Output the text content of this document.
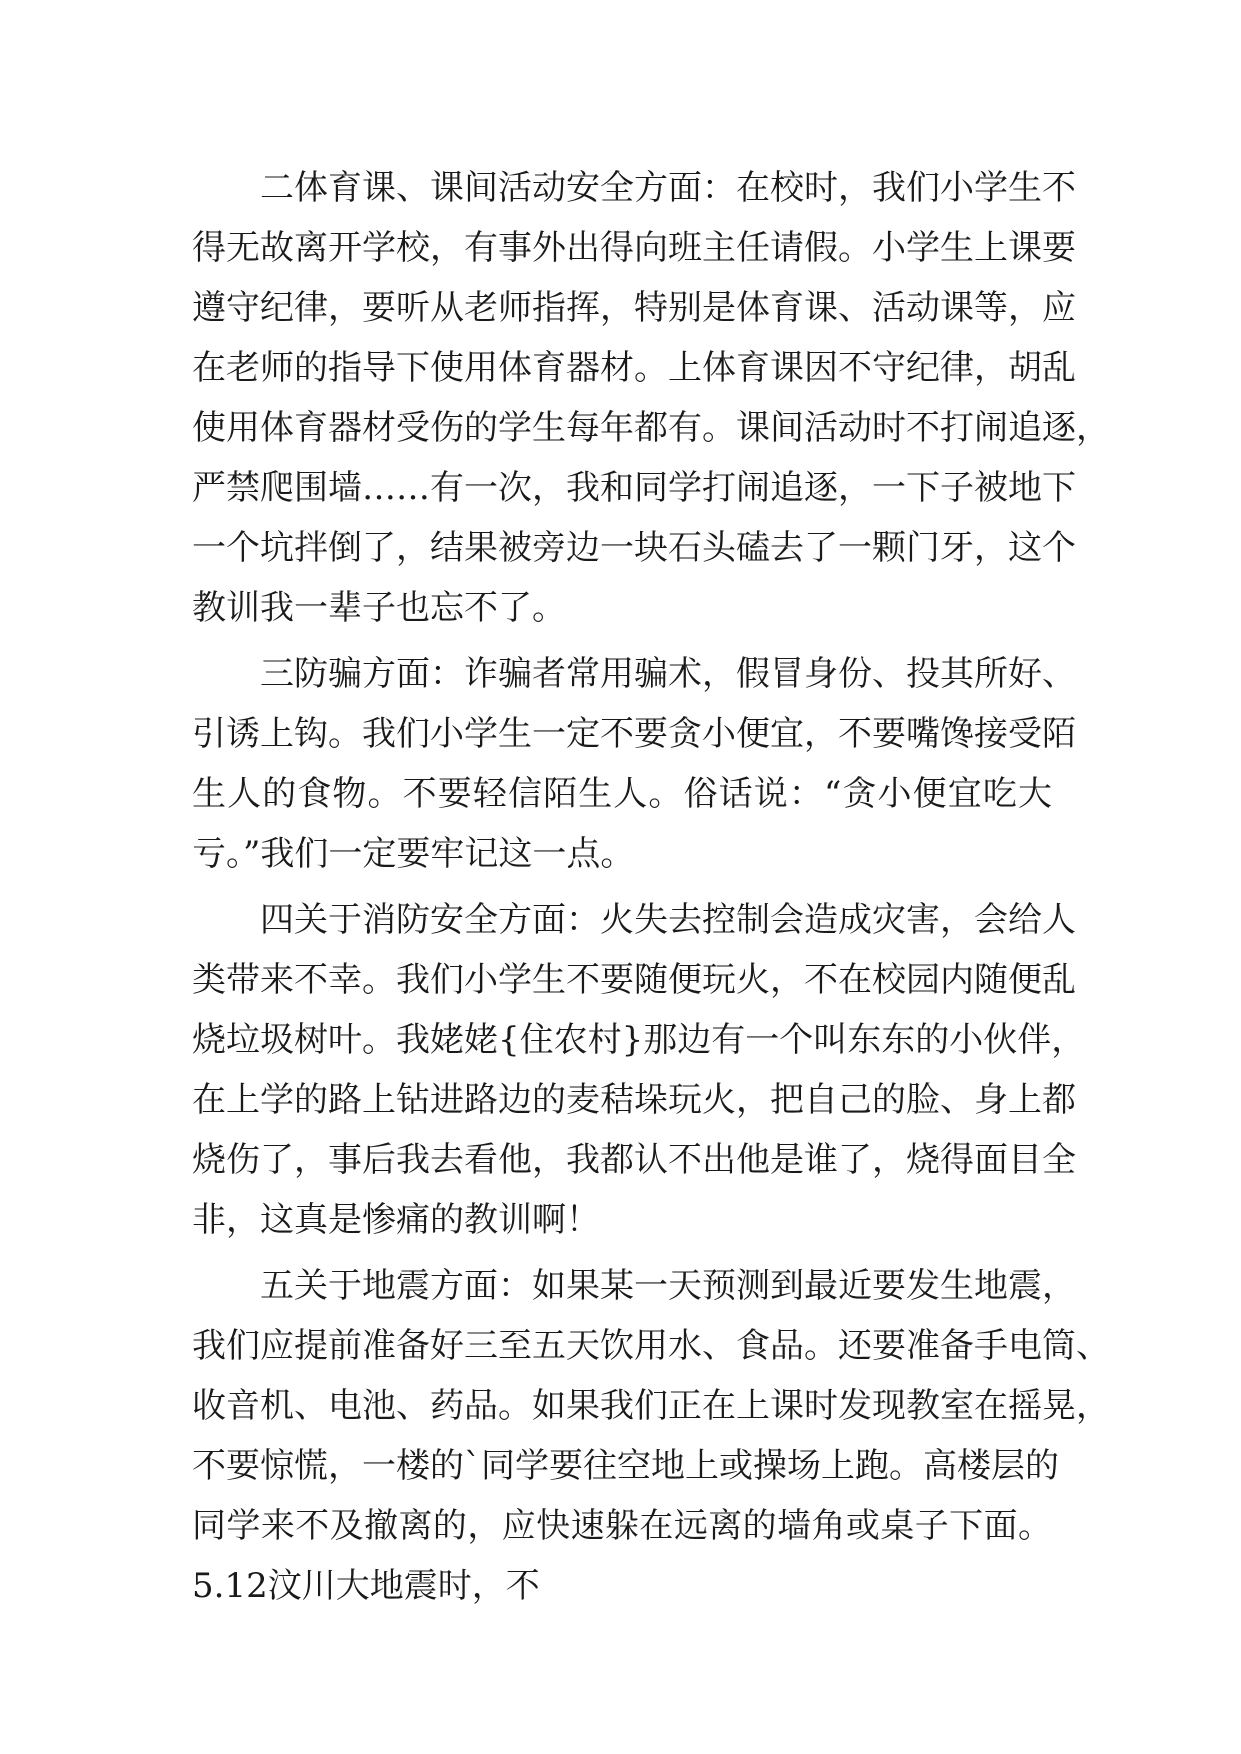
二体育课、课间活动安全方面：在校时，我们小学生不
得无故离开学校，有事外出得向班主任请假。小学生上课要
遵守纪律，要听从老师指挥，特别是体育课、活动课等，应
在老师的指导下使用体育器材。上体育课因不守纪律，胡乱
使用体育器材受伤的学生每年都有。课间活动时不打闹追逐，
严禁爬围墙……有一次，我和同学打闹追逐，一下子被地下
一个坑拌倒了，结果被旁边一块石头磕去了一颗门牙，这个
教训我一辈子也忘不了。
三防骗方面：诈骗者常用骗术，假冒身份、投其所好、
引诱上钩。我们小学生一定不要贪小便宜，不要嘴馋接受陌
生人的食物。不要轻信陌生人。俗话说：“贪小便宜吃大
亏。”我们一定要牢记这一点。
四关于消防安全方面：火失去控制会造成灾害，会给人
类带来不幸。我们小学生不要随便玩火，不在校园内随便乱
烧垃圾树叶。我姥姥{住农村}那边有一个叫东东的小伙伴，
在上学的路上钻进路边的麦秸垛玩火，把自己的脸、身上都
烧伤了，事后我去看他，我都认不出他是谁了，烧得面目全
非，这真是惨痛的教训啊！
五关于地震方面：如果某一天预测到最近要发生地震，
我们应提前准备好三至五天饮用水、食品。还要准备手电筒、
收音机、电池、药品。如果我们正在上课时发现教室在摇晃，
不要惊慌，一楼的`同学要往空地上或操场上跑。高楼层的
同学来不及撤离的，应快速躲在远离的墙角或桌子下面。
5.12汶川大地震时，不
